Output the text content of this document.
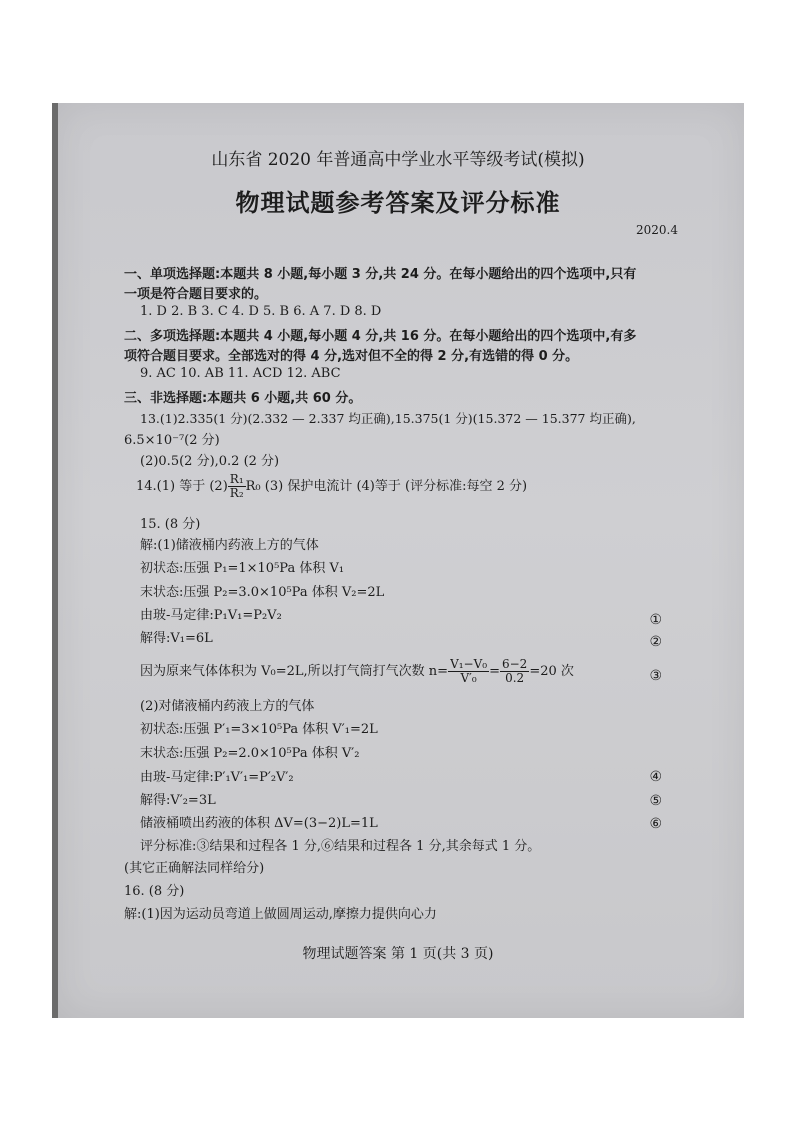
山东省 2020 年普通高中学业水平等级考试(模拟)
物理试题参考答案及评分标准
2020.4
一、单项选择题:本题共 8 小题,每小题 3 分,共 24 分。在每小题给出的四个选项中,只有
一项是符合题目要求的。
1. D 2. B 3. C 4. D 5. B 6. A 7. D 8. D
二、多项选择题:本题共 4 小题,每小题 4 分,共 16 分。在每小题给出的四个选项中,有多
项符合题目要求。全部选对的得 4 分,选对但不全的得 2 分,有选错的得 0 分。
9. AC 10. AB 11. ACD 12. ABC
三、非选择题:本题共 6 小题,共 60 分。
13.(1)2.335(1 分)(2.332 — 2.337 均正确),15.375(1 分)(15.372 — 15.377 均正确),
6.5×10⁻⁷(2 分)
(2)0.5(2 分),0.2 (2 分)
14.(1) 等于 $(2) \frac{\text{R₁}}{\text{R₂}} R_0$ (3) 保护电流计 (4)等于 (评分标准:每空 2 分)
15. (8 分)
解:(1)储液桶内药液上方的气体
初状态:压强 P₁=1×10⁵Pa 体积 V₁
末状态:压强 P₂=3.0×10⁵Pa 体积 V₂=2L
由玻-马定律:P₁V₁=P₂V₂	①
解得:V₁=6L	②
因为原来气体体积为 V₀=2L,所以打气筒打气次数 $n= \frac{\text{V₁−V₀}}{\text{V′₀}} = \frac{6-2}{0.2} =20$ 次	③
(2)对储液桶内药液上方的气体
初状态:压强 P′₁=3×10⁵Pa 体积 V′₁=2L
末状态:压强 P₂=2.0×10⁵Pa 体积 V′₂
由玻-马定律:P′₁V′₁=P′₂V′₂	④
解得:V′₂=3L	⑤
储液桶喷出药液的体积 ΔV=(3−2)L=1L	⑥
评分标准:③结果和过程各 1 分,⑥结果和过程各 1 分,其余每式 1 分。
(其它正确解法同样给分)
16. (8 分)
解:(1)因为运动员弯道上做圆周运动,摩擦力提供向心力
物理试题答案 第 1 页(共 3 页)
